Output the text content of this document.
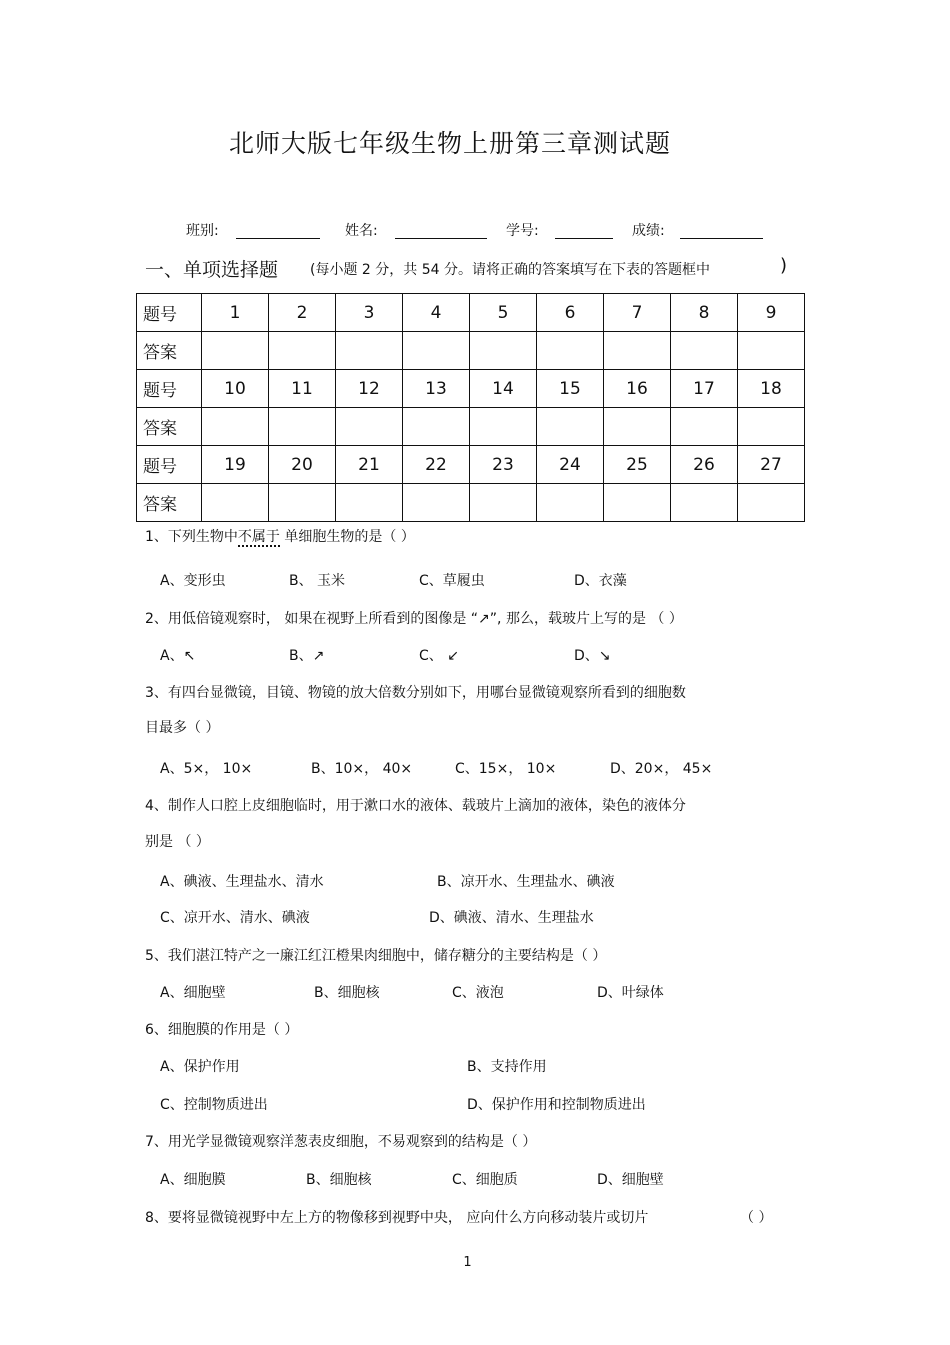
北师大版七年级生物上册第三章测试题
班别:	姓名:	学号:	成绩:
一、单项选择题 (每小题 2 分，共 54 分。请将正确的答案填写在下表的答题框中	)
题号	1	2	3	4	5	6	7	8	9
答案									
题号	10	11	12	13	14	15	16	17	18
答案									
题号	19	20	21	22	23	24	25	26	27
答案									
1、下列生物中不属于 单细胞生物的是（ ）
A、变形虫	B、 玉米	C、草履虫	D、衣藻
2、用低倍镜观察时， 如果在视野上所看到的图像是 “↗”, 那么，载玻片上写的是 （ ）
A、↖	B、↗	C、 ↙	D、↘
3、有四台显微镜，目镜、物镜的放大倍数分别如下，用哪台显微镜观察所看到的细胞数
目最多（ ）
A、5×， 10×	B、10×， 40×	C、15×， 10×	D、20×， 45×
4、制作人口腔上皮细胞临时，用于漱口水的液体、载玻片上滴加的液体，染色的液体分
别是 （ ）
A、碘液、生理盐水、清水	B、凉开水、生理盐水、碘液
C、凉开水、清水、碘液	D、碘液、清水、生理盐水
5、我们湛江特产之一廉江红江橙果肉细胞中，储存糖分的主要结构是（ ）
A、细胞壁	B、细胞核	C、液泡	D、叶绿体
6、细胞膜的作用是（ ）
A、保护作用	B、支持作用
C、控制物质进出	D、保护作用和控制物质进出
7、用光学显微镜观察洋葱表皮细胞，不易观察到的结构是（ ）
A、细胞膜	B、细胞核	C、细胞质	D、细胞壁
8、要将显微镜视野中左上方的物像移到视野中央， 应向什么方向移动装片或切片	（ ）
1
